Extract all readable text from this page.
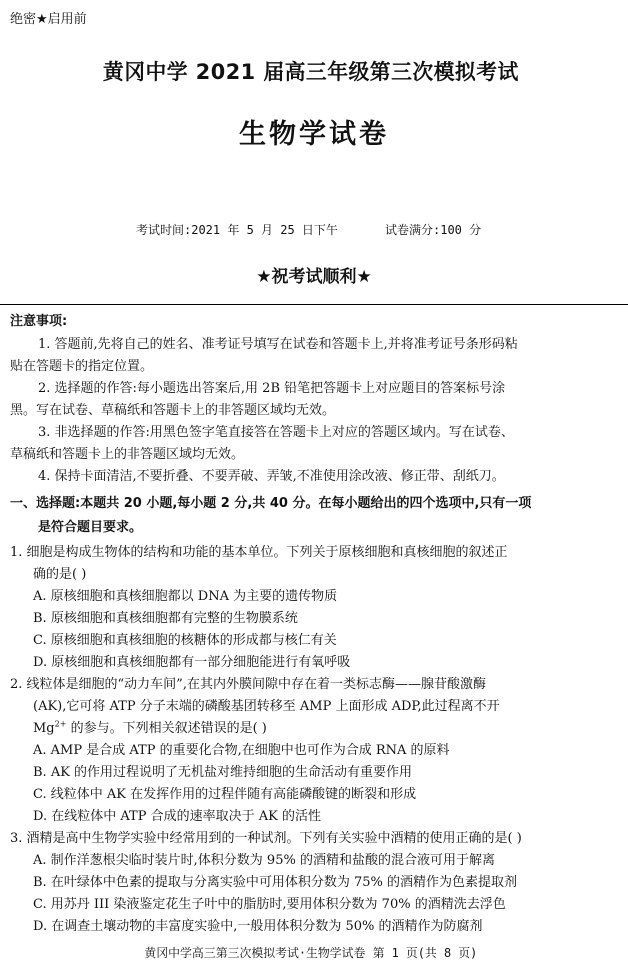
绝密★启用前
黄冈中学 2021 届高三年级第三次模拟考试
生物学试卷
考试时间:2021 年 5 月 25 日下午	试卷满分:100 分
★祝考试顺利★
注意事项:
1. 答题前,先将自己的姓名、准考证号填写在试卷和答题卡上,并将准考证号条形码粘
贴在答题卡的指定位置。
2. 选择题的作答:每小题选出答案后,用 2B 铅笔把答题卡上对应题目的答案标号涂
黑。写在试卷、草稿纸和答题卡上的非答题区域均无效。
3. 非选择题的作答:用黑色签字笔直接答在答题卡上对应的答题区域内。写在试卷、
草稿纸和答题卡上的非答题区域均无效。
4. 保持卡面清洁,不要折叠、不要弄破、弄皱,不准使用涂改液、修正带、刮纸刀。
一、选择题:本题共 20 小题,每小题 2 分,共 40 分。在每小题给出的四个选项中,只有一项
是符合题目要求。
1. 细胞是构成生物体的结构和功能的基本单位。下列关于原核细胞和真核细胞的叙述正
确的是( )
A. 原核细胞和真核细胞都以 DNA 为主要的遗传物质
B. 原核细胞和真核细胞都有完整的生物膜系统
C. 原核细胞和真核细胞的核糖体的形成都与核仁有关
D. 原核细胞和真核细胞都有一部分细胞能进行有氧呼吸
2. 线粒体是细胞的“动力车间”,在其内外膜间隙中存在着一类标志酶——腺苷酸激酶
(AK),它可将 ATP 分子末端的磷酸基团转移至 AMP 上面形成 ADP,此过程离不开
$Mg^{2+}$ 的参与。下列相关叙述错误的是( )
A. AMP 是合成 ATP 的重要化合物,在细胞中也可作为合成 RNA 的原料
B. AK 的作用过程说明了无机盐对维持细胞的生命活动有重要作用
C. 线粒体中 AK 在发挥作用的过程伴随有高能磷酸键的断裂和形成
D. 在线粒体中 ATP 合成的速率取决于 AK 的活性
3. 酒精是高中生物学实验中经常用到的一种试剂。下列有关实验中酒精的使用正确的是( )
A. 制作洋葱根尖临时装片时,体积分数为 95% 的酒精和盐酸的混合液可用于解离
B. 在叶绿体中色素的提取与分离实验中可用体积分数为 75% 的酒精作为色素提取剂
C. 用苏丹 III 染液鉴定花生子叶中的脂肪时,要用体积分数为 70% 的酒精洗去浮色
D. 在调查土壤动物的丰富度实验中,一般用体积分数为 50% 的酒精作为防腐剂
黄冈中学高三第三次模拟考试·生物学试卷 第 1 页(共 8 页)
